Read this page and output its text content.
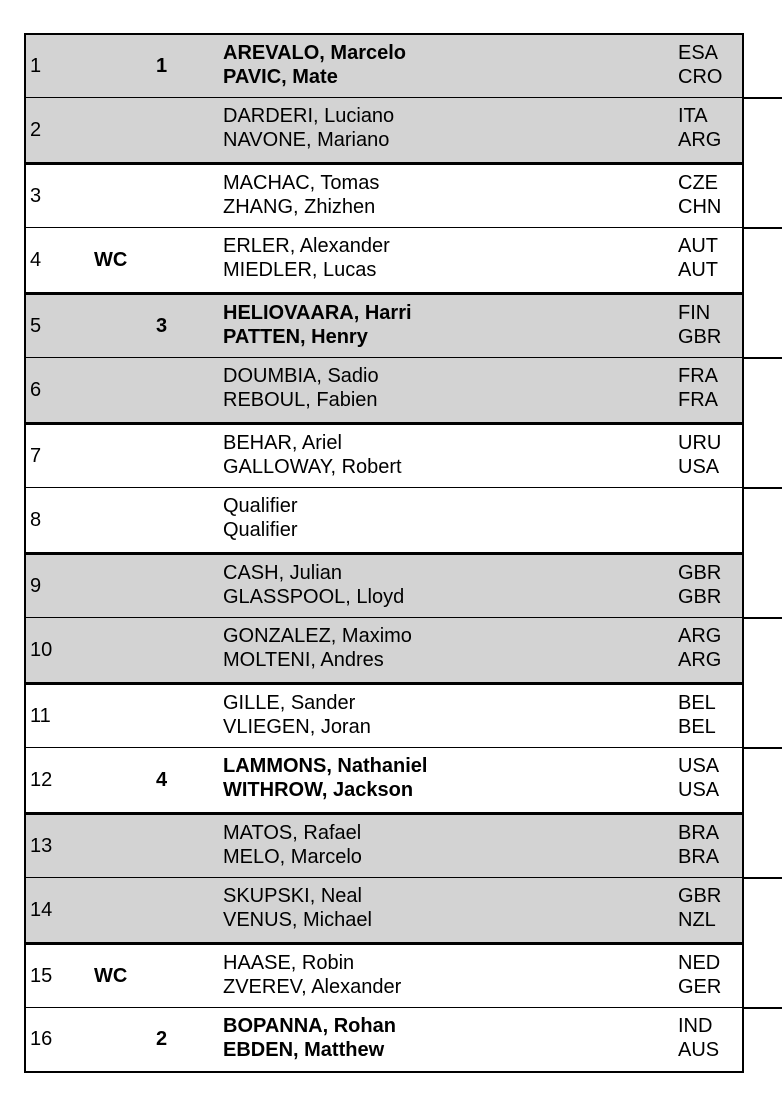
1	1
AREVALO, Marcelo	ESA
PAVIC, Mate	CRO
2
DARDERI, Luciano	ITA
NAVONE, Mariano	ARG
3
MACHAC, Tomas	CZE
ZHANG, Zhizhen	CHN
4	WC
ERLER, Alexander	AUT
MIEDLER, Lucas	AUT
5	3
HELIOVAARA, Harri	FIN
PATTEN, Henry	GBR
6
DOUMBIA, Sadio	FRA
REBOUL, Fabien	FRA
7
BEHAR, Ariel	URU
GALLOWAY, Robert	USA
8
Qualifier
Qualifier
9
CASH, Julian	GBR
GLASSPOOL, Lloyd	GBR
10
GONZALEZ, Maximo	ARG
MOLTENI, Andres	ARG
11
GILLE, Sander	BEL
VLIEGEN, Joran	BEL
12	4
LAMMONS, Nathaniel	USA
WITHROW, Jackson	USA
13
MATOS, Rafael	BRA
MELO, Marcelo	BRA
14
SKUPSKI, Neal	GBR
VENUS, Michael	NZL
15 WC
HAASE, Robin	NED
ZVEREV, Alexander	GER
16	2
BOPANNA, Rohan	IND
EBDEN, Matthew	AUS
